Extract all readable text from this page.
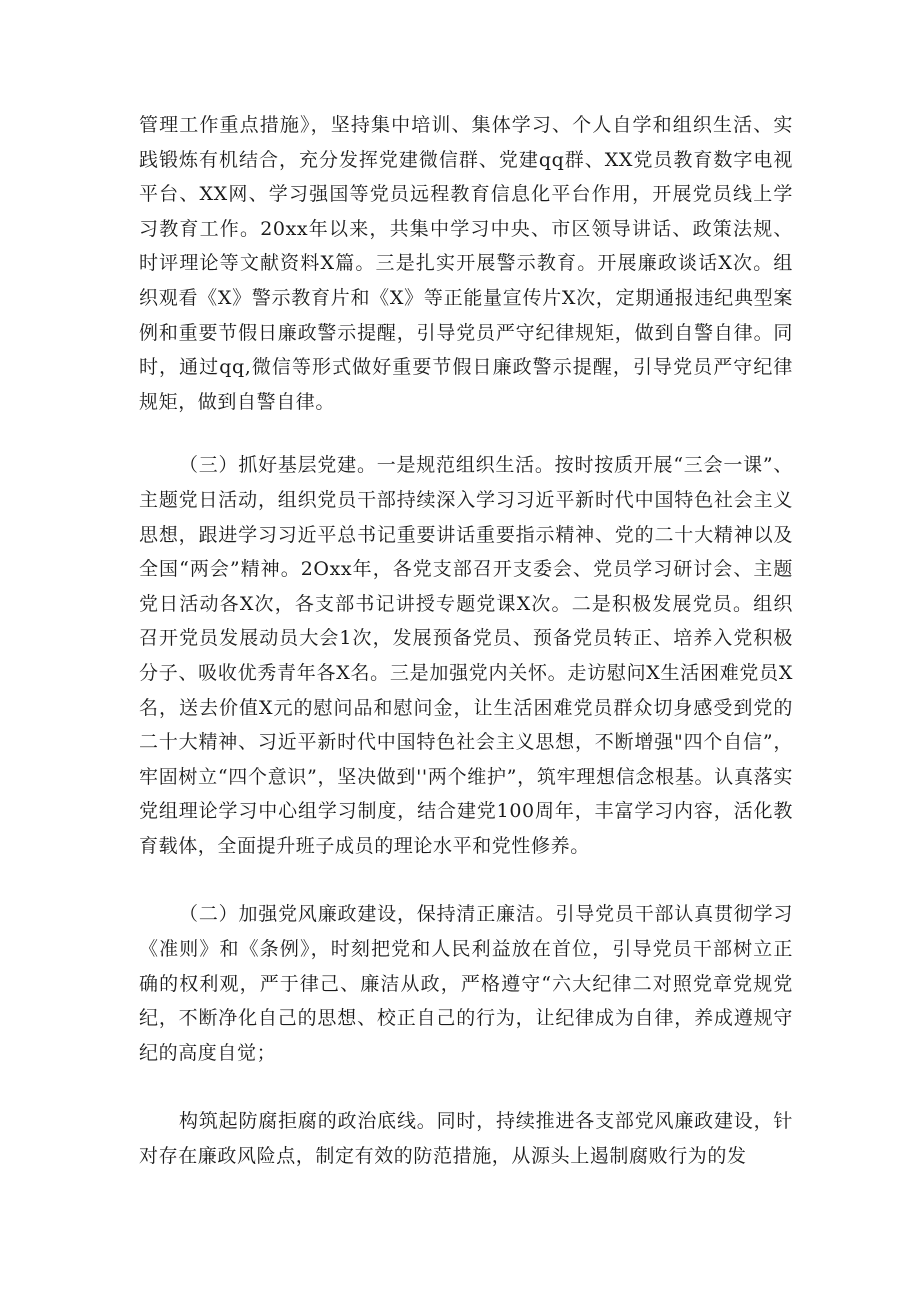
管理工作重点措施》，坚持集中培训、集体学习、个人自学和组织生活、实践锻炼有机结合，充分发挥党建微信群、党建qq群、XX党员教育数字电视平台、XX网、学习强国等党员远程教育信息化平台作用，开展党员线上学习教育工作。20xx年以来，共集中学习中央、市区领导讲话、政策法规、时评理论等文献资料X篇。三是扎实开展警示教育。开展廉政谈话X次。组织观看《X》警示教育片和《X》等正能量宣传片X次，定期通报违纪典型案例和重要节假日廉政警示提醒，引导党员严守纪律规矩，做到自警自律。同时，通过qq,微信等形式做好重要节假日廉政警示提醒，引导党员严守纪律规矩，做到自警自律。

（三）抓好基层党建。一是规范组织生活。按时按质开展“三会一课”、主题党日活动，组织党员干部持续深入学习习近平新时代中国特色社会主义思想，跟进学习习近平总书记重要讲话重要指示精神、党的二十大精神以及全国“两会”精神。2Oxx年，各党支部召开支委会、党员学习研讨会、主题党日活动各X次，各支部书记讲授专题党课X次。二是积极发展党员。组织召开党员发展动员大会1次，发展预备党员、预备党员转正、培养入党积极分子、吸收优秀青年各X名。三是加强党内关怀。走访慰问X生活困难党员X名，送去价值X元的慰问品和慰问金，让生活困难党员群众切身感受到党的二十大精神、习近平新时代中国特色社会主义思想，不断增强"四个自信”，牢固树立“四个意识”，坚决做到''两个维护”，筑牢理想信念根基。认真落实党组理论学习中心组学习制度，结合建党100周年，丰富学习内容，活化教育载体，全面提升班子成员的理论水平和党性修养。

（二）加强党风廉政建设，保持清正廉洁。引导党员干部认真贯彻学习《准则》和《条例》，时刻把党和人民利益放在首位，引导党员干部树立正确的权利观，严于律己、廉洁从政，严格遵守“六大纪律二对照党章党规党纪，不断净化自己的思想、校正自己的行为，让纪律成为自律，养成遵规守纪的高度自觉；

构筑起防腐拒腐的政治底线。同时，持续推进各支部党风廉政建设，针对存在廉政风险点，制定有效的防范措施，从源头上遏制腐败行为的发
